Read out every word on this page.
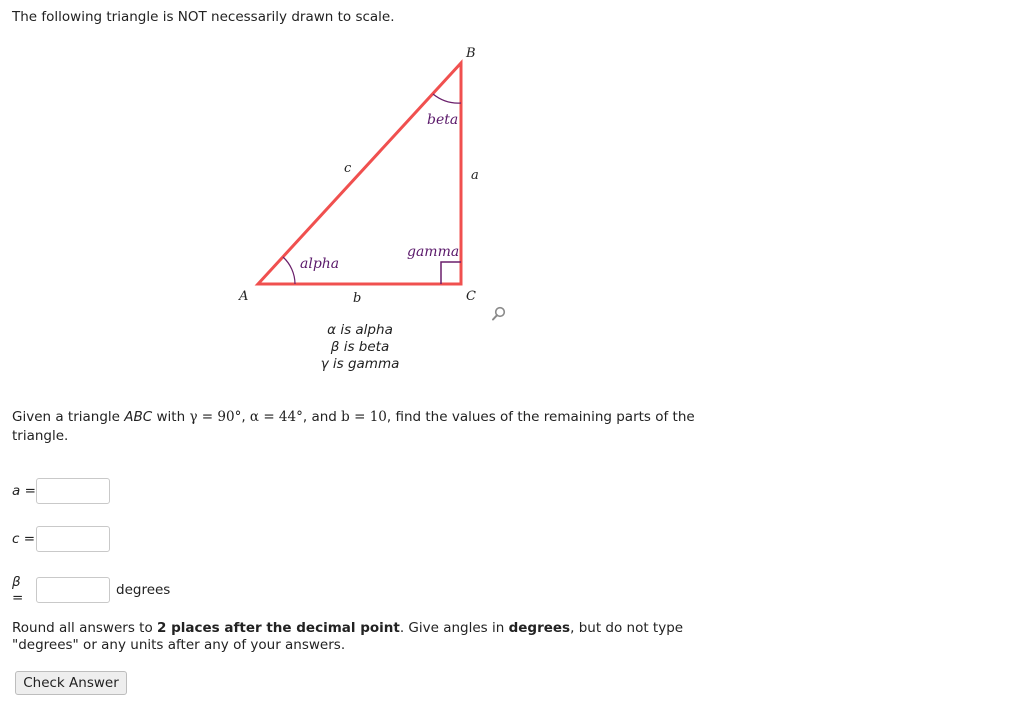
The following triangle is NOT necessarily drawn to scale.
B
A	C
c	a
b
alpha
beta
gamma
α is alpha
β is beta
γ is gamma
Given a triangle ABC with γ = 90°, α = 44°, and b = 10, find the values of the remaining parts of the triangle.
a =
c =
β =	degrees
Round all answers to 2 places after the decimal point. Give angles in degrees, but do not type "degrees" or any units after any of your answers.
Check Answer
